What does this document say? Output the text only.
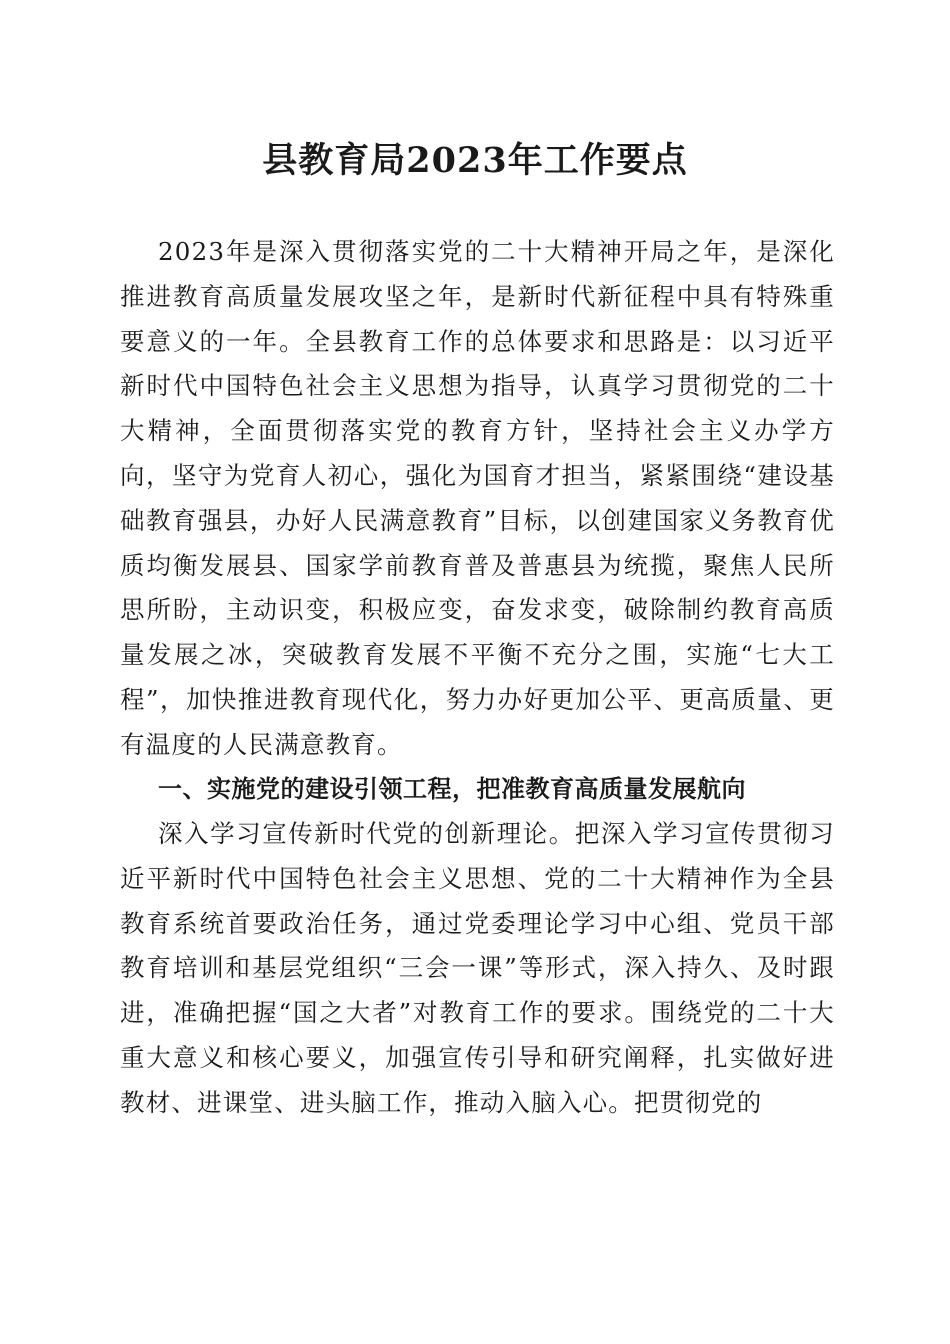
县教育局2023年工作要点

2023年是深入贯彻落实党的二十大精神开局之年，是深化推进教育高质量发展攻坚之年，是新时代新征程中具有特殊重要意义的一年。全县教育工作的总体要求和思路是：以习近平新时代中国特色社会主义思想为指导，认真学习贯彻党的二十大精神，全面贯彻落实党的教育方针，坚持社会主义办学方向，坚守为党育人初心，强化为国育才担当，紧紧围绕“建设基础教育强县，办好人民满意教育”目标，以创建国家义务教育优质均衡发展县、国家学前教育普及普惠县为统揽，聚焦人民所思所盼，主动识变，积极应变，奋发求变，破除制约教育高质量发展之冰，突破教育发展不平衡不充分之围，实施“七大工程”，加快推进教育现代化，努力办好更加公平、更高质量、更有温度的人民满意教育。

一、实施党的建设引领工程，把准教育高质量发展航向

深入学习宣传新时代党的创新理论。把深入学习宣传贯彻习近平新时代中国特色社会主义思想、党的二十大精神作为全县教育系统首要政治任务，通过党委理论学习中心组、党员干部教育培训和基层党组织“三会一课”等形式，深入持久、及时跟进，准确把握“国之大者”对教育工作的要求。围绕党的二十大重大意义和核心要义，加强宣传引导和研究阐释，扎实做好进教材、进课堂、进头脑工作，推动入脑入心。把贯彻党的
